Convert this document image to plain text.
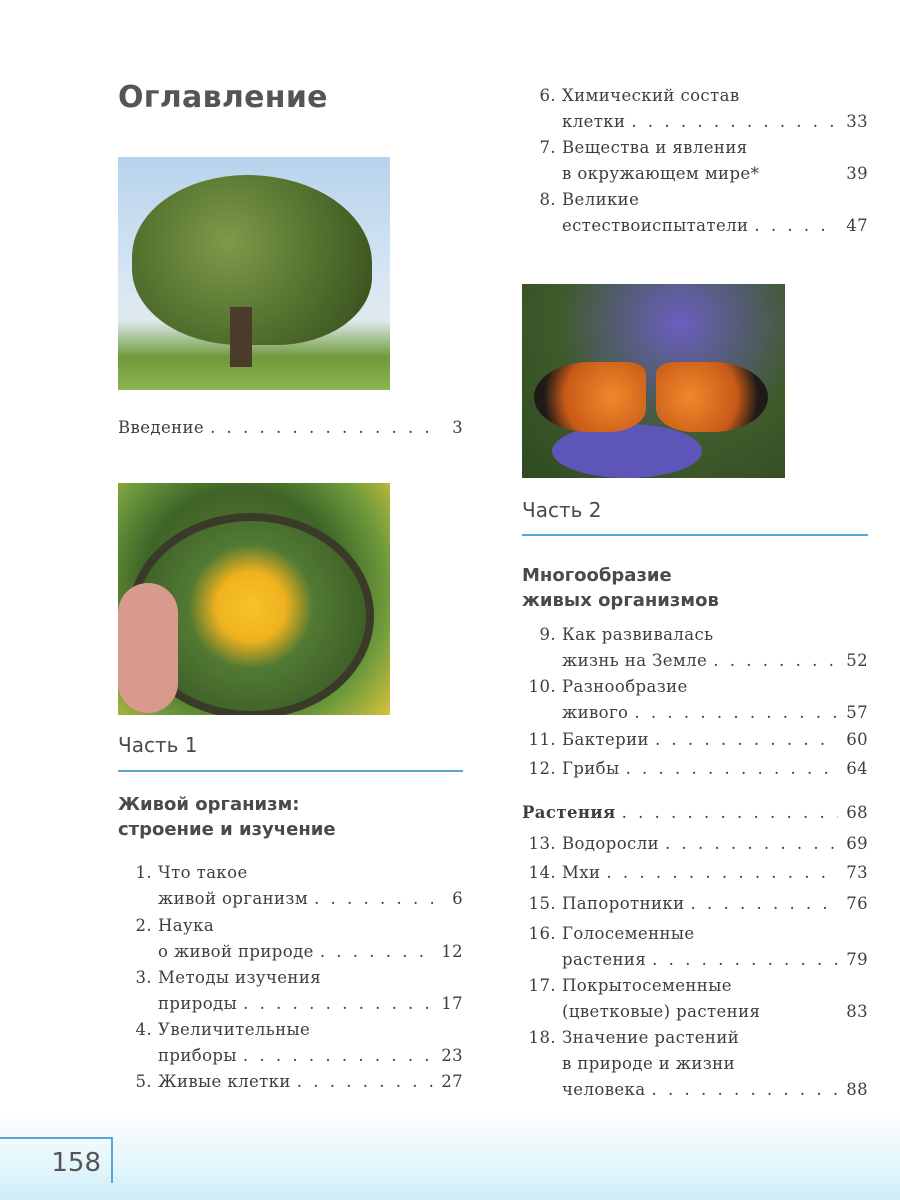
Оглавление
Часть 1
Живой организм:
строение и изучение
Часть 2
Многообразие
живых организмов
Введение . . .	3
1. Что такое
живой организм . . .	6
2. Наука
о живой природе . . .	12
3. Методы изучения
природы . . .	17
4. Увеличительные
приборы . . .	23
5. Живые клетки . . .	27
6. Химический состав
клетки . . .	33
7. Вещества и явления
в окружающем мире*	39
8. Великие
естествоиспытатели . . .	47
9. Как развивалась
жизнь на Земле . . .	52
10. Разнообразие
живого . . .	57
11. Бактерии . . .	60
12. Грибы . . .	64
Растения . . .	68
13. Водоросли . . .	69
14. Мхи . . .	73
15. Папоротники . . .	76
16. Голосеменные
растения . . .	79
17. Покрытосеменные
(цветковые) растения	83
18. Значение растений
в природе и жизни
человека . . .	88
158
